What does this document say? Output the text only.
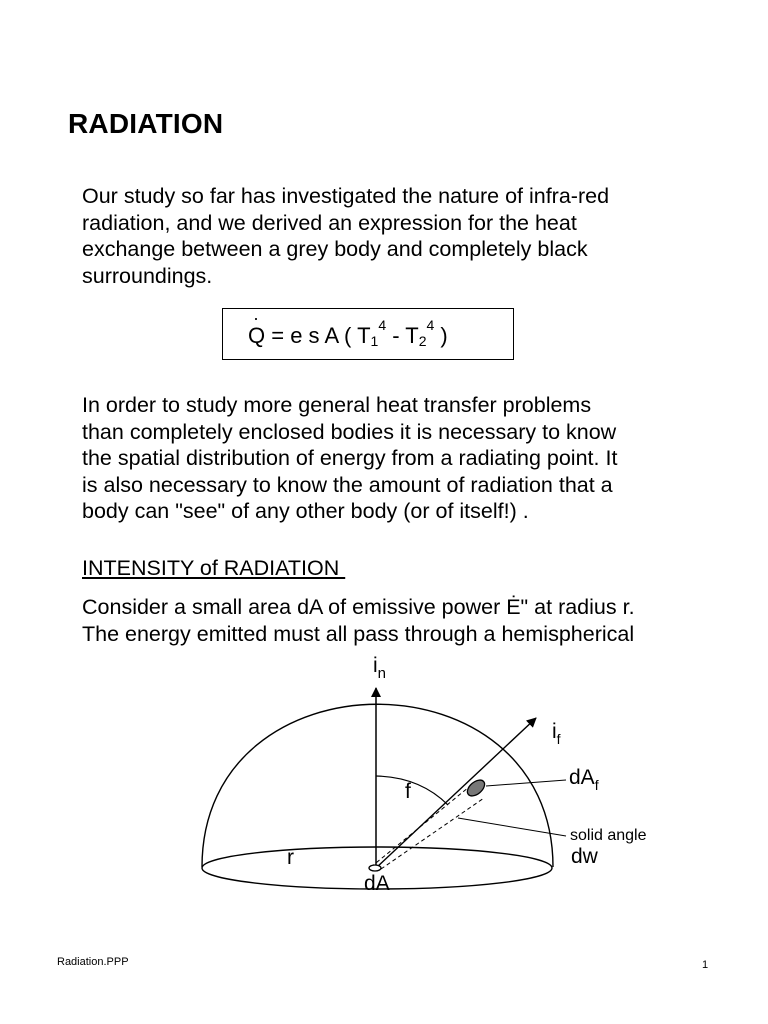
RADIATION
Our study so far has investigated the nature of infra-red
radiation, and we derived an expression for the heat
exchange between a grey body and completely black
surroundings.
·
Q = e s A ( $T1^4 - T2^4$ )
In order to study more general heat transfer problems
than completely enclosed bodies it is necessary to know
the spatial distribution of energy from a radiating point. It
is also necessary to know the amount of radiation that a
body can "see" of any other body (or of itself!) .
INTENSITY of RADIATION
Consider a small area dA of emissive power Ė" at radius r.
The energy emitted must all pass through a hemispherical
$i_n$
$i_f$
$dA_f$
f
solid angle
dw
r
dA
Radiation.PPP	1
